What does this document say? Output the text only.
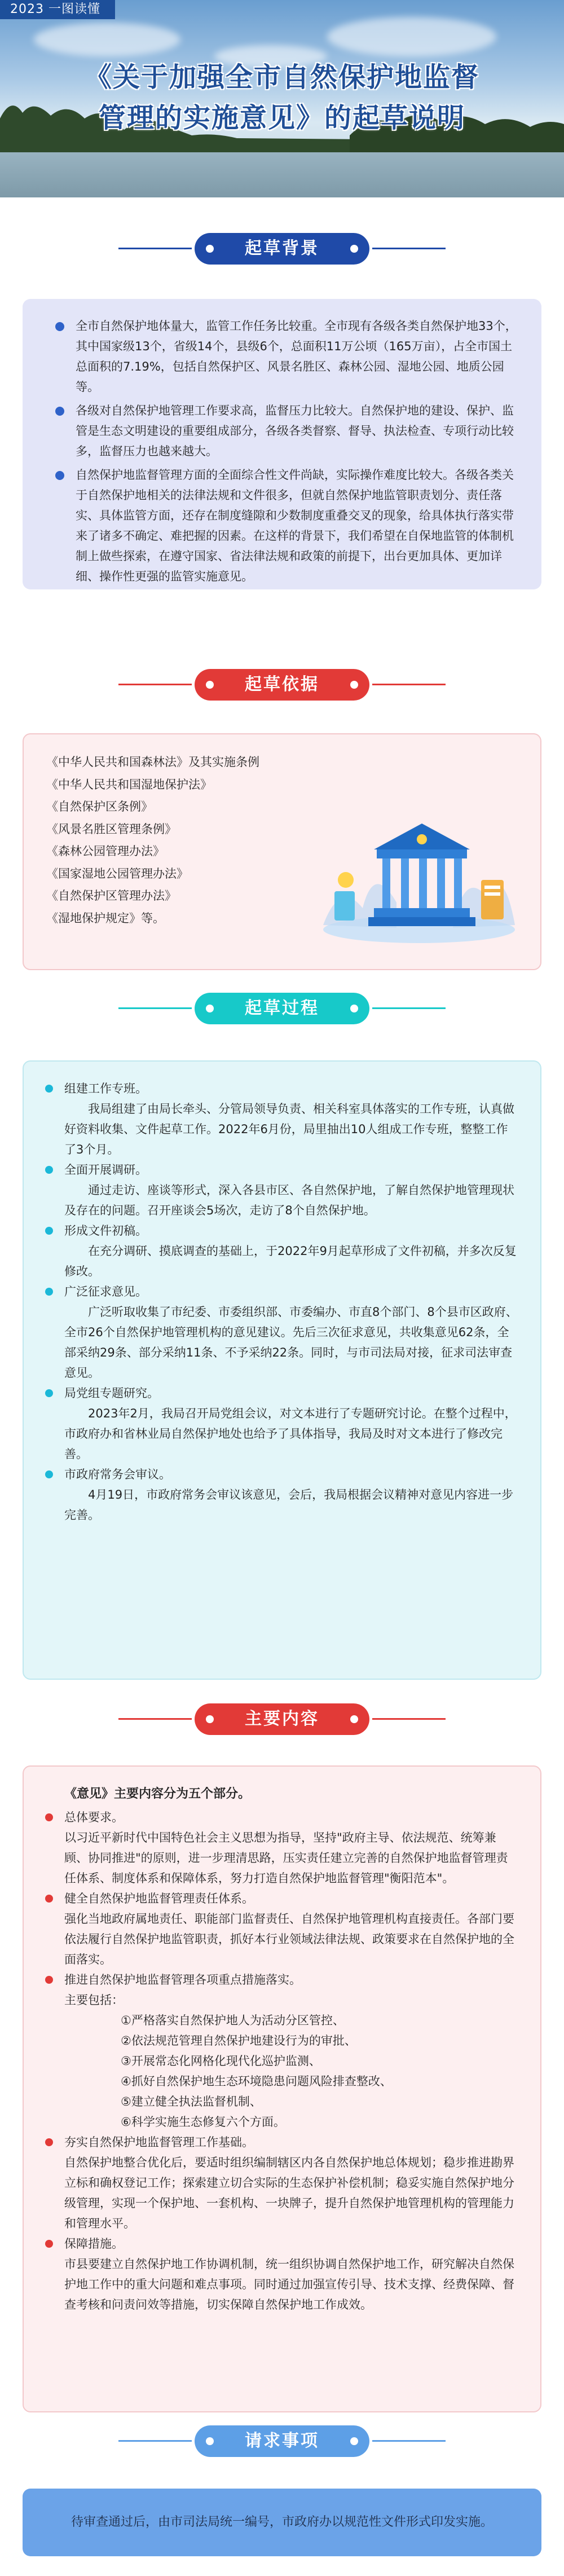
2023 一图读懂
《关于加强全市自然保护地监督
管理的实施意见》的起草说明
起草背景

全市自然保护地体量大，监管工作任务比较重。全市现有各级各类自然保护地33个，其中国家级13个，省级14个，县级6个，总面积11万公顷（165万亩），占全市国土总面积的7.19%，包括自然保护区、风景名胜区、森林公园、湿地公园、地质公园等。

各级对自然保护地管理工作要求高，监督压力比较大。自然保护地的建设、保护、监管是生态文明建设的重要组成部分，各级各类督察、督导、执法检查、专项行动比较多，监督压力也越来越大。

自然保护地监督管理方面的全面综合性文件尚缺，实际操作难度比较大。各级各类关于自然保护地相关的法律法规和文件很多，但就自然保护地监管职责划分、责任落实、具体监管方面，还存在制度缝隙和少数制度重叠交叉的现象，给具体执行落实带来了诸多不确定、难把握的因素。在这样的背景下，我们希望在自保地监管的体制机制上做些探索，在遵守国家、省法律法规和政策的前提下，出台更加具体、更加详细、操作性更强的监管实施意见。

起草依据
《中华人民共和国森林法》及其实施条例
《中华人民共和国湿地保护法》
《自然保护区条例》
《风景名胜区管理条例》
《森林公园管理办法》
《国家湿地公园管理办法》
《自然保护区管理办法》
《湿地保护规定》等。
起草过程
组建工作专班。

我局组建了由局长牵头、分管局领导负责、相关科室具体落实的工作专班，认真做好资料收集、文件起草工作。2022年6月份，局里抽出10人组成工作专班，整整工作了3个月。

全面开展调研。

通过走访、座谈等形式，深入各县市区、各自然保护地，了解自然保护地管理现状及存在的问题。召开座谈会5场次，走访了8个自然保护地。

形成文件初稿。

在充分调研、摸底调查的基础上，于2022年9月起草形成了文件初稿，并多次反复修改。

广泛征求意见。

广泛听取收集了市纪委、市委组织部、市委编办、市直8个部门、8个县市区政府、全市26个自然保护地管理机构的意见建议。先后三次征求意见，共收集意见62条，全部采纳29条、部分采纳11条、不予采纳22条。同时，与市司法局对接，征求司法审查意见。

局党组专题研究。

2023年2月，我局召开局党组会议，对文本进行了专题研究讨论。在整个过程中，市政府办和省林业局自然保护地处也给予了具体指导，我局及时对文本进行了修改完善。

市政府常务会审议。

4月19日，市政府常务会审议该意见，会后，我局根据会议精神对意见内容进一步完善。

主要内容
《意见》主要内容分为五个部分。
总体要求。

以习近平新时代中国特色社会主义思想为指导，坚持"政府主导、依法规范、统筹兼顾、协同推进"的原则，进一步理清思路，压实责任建立完善的自然保护地监督管理责任体系、制度体系和保障体系，努力打造自然保护地监督管理"衡阳范本"。

健全自然保护地监督管理责任体系。

强化当地政府属地责任、职能部门监督责任、自然保护地管理机构直接责任。各部门要依法履行自然保护地监管职责，抓好本行业领域法律法规、政策要求在自然保护地的全面落实。

推进自然保护地监督管理各项重点措施落实。
主要包括：
①严格落实自然保护地人为活动分区管控、
②依法规范管理自然保护地建设行为的审批、
③开展常态化网格化现代化巡护监测、
④抓好自然保护地生态环境隐患问题风险排查整改、
⑤建立健全执法监督机制、
⑥科学实施生态修复六个方面。
夯实自然保护地监督管理工作基础。

自然保护地整合优化后，要适时组织编制辖区内各自然保护地总体规划；稳步推进勘界立标和确权登记工作；探索建立切合实际的生态保护补偿机制；稳妥实施自然保护地分级管理，实现一个保护地、一套机构、一块牌子，提升自然保护地管理机构的管理能力和管理水平。

保障措施。

市县要建立自然保护地工作协调机制，统一组织协调自然保护地工作，研究解决自然保护地工作中的重大问题和难点事项。同时通过加强宣传引导、技术支撑、经费保障、督查考核和问责问效等措施，切实保障自然保护地工作成效。

请求事项
待审查通过后，由市司法局统一编号，市政府办以规范性文件形式印发实施。
